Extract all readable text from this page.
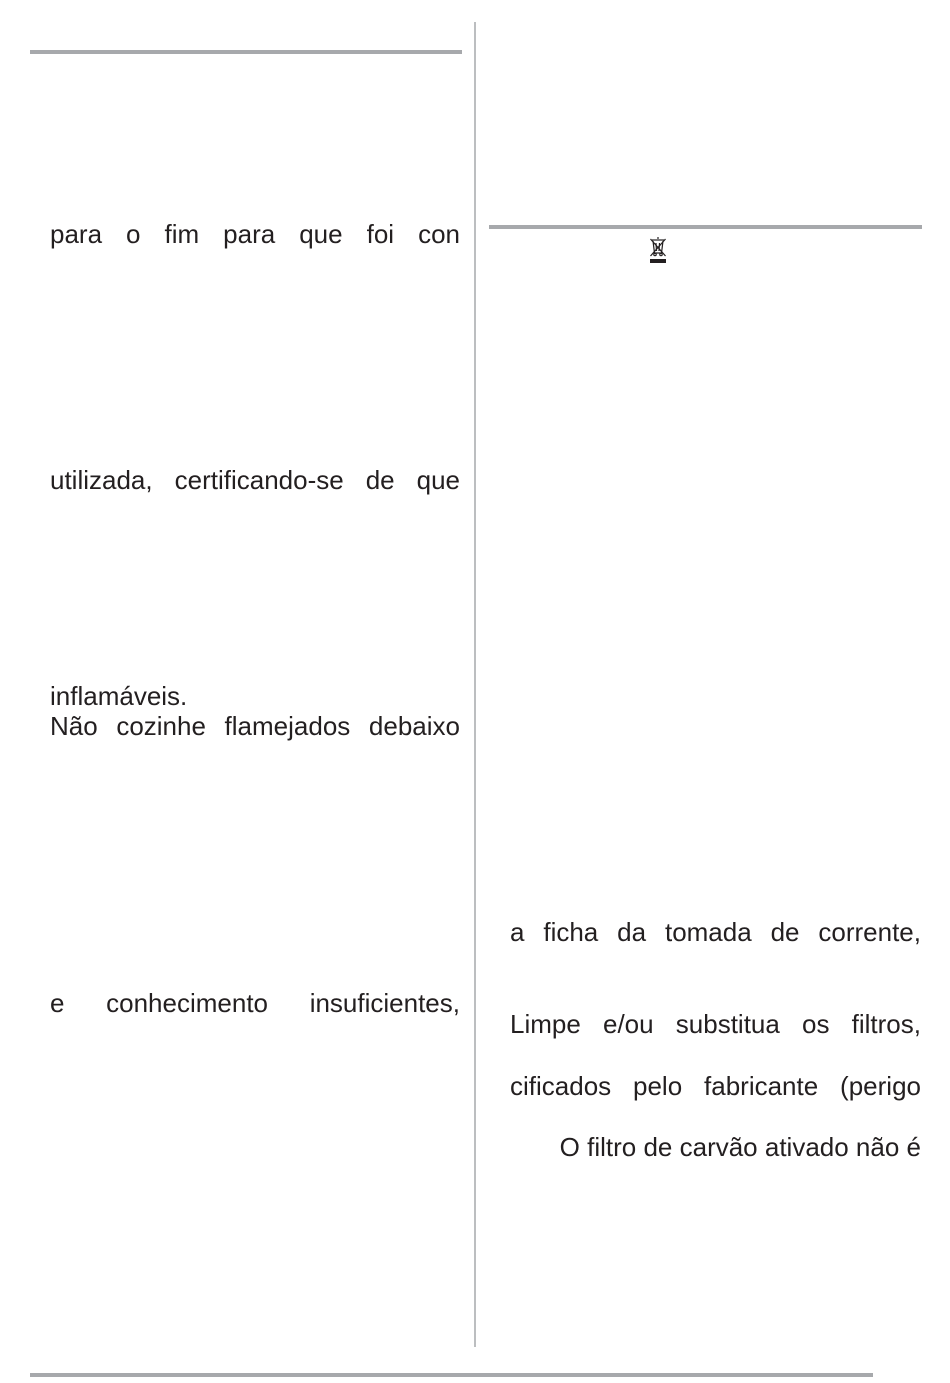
para o fim para que foi con
utilizada, certificando-se de que
inflamáveis.
Não cozinhe flamejados debaixo
e conhecimento insuficientes,
a ficha da tomada de corrente,
Limpe e/ou substitua os filtros,
cificados pelo fabricante (perigo
O filtro de carvão ativado não é
